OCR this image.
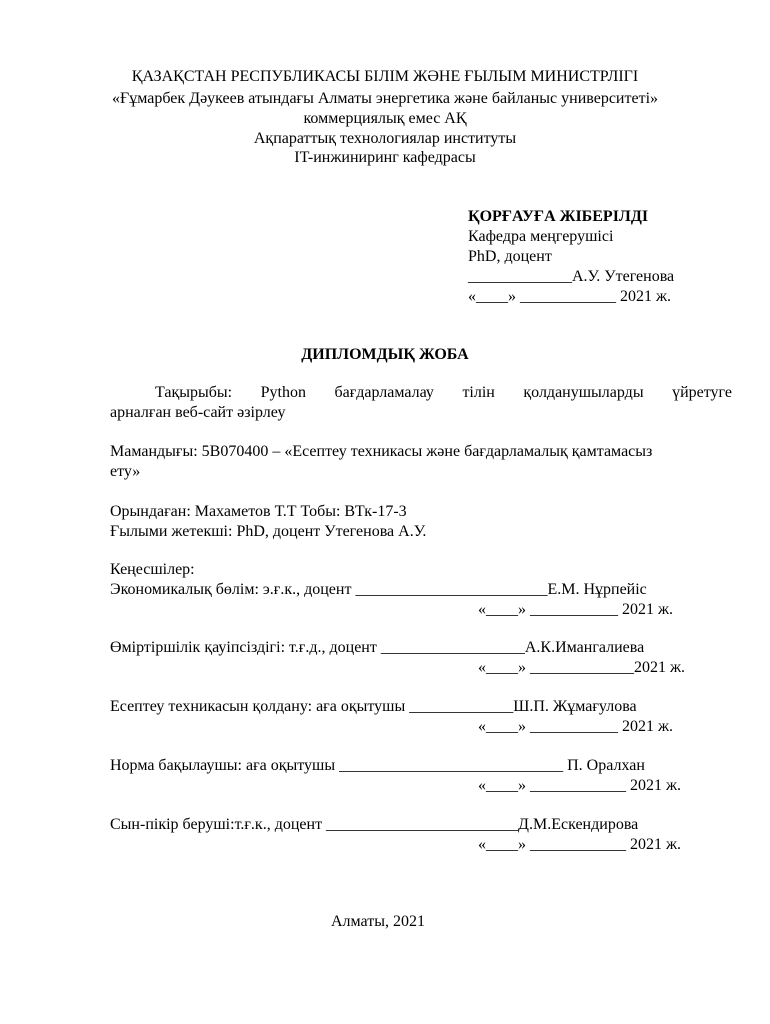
ҚАЗАҚСТАН РЕСПУБЛИКАСЫ БІЛІМ ЖӘНЕ ҒЫЛЫМ МИНИСТРЛІГІ
«Ғұмарбек Дәукеев атындағы Алматы энергетика және байланыс университеті»
коммерциялық емес АҚ
Ақпараттық технологиялар институты
IT-инжиниринг кафедрасы
ҚОРҒАУҒА ЖІБЕРІЛДІ
Кафедра меңгерушісі
PhD, доцент
_____________А.У. Утегенова
«____» ____________ 2021 ж.
ДИПЛОМДЫҚ ЖОБА
Тақырыбы: Python бағдарламалау тілін қолданушыларды үйретуге
арналған веб-сайт әзірлеу
Мамандығы: 5В070400 – «Есептеу техникасы және бағдарламалық қамтамасыз
ету»
Орындаған: Махаметов Т.Т Тобы: ВТк-17-3
Ғылыми жетекші: PhD, доцент Утегенова А.У.
Кеңесшілер:
Экономикалық бөлім: э.ғ.к., доцент ________________________Е.М. Нұрпейіс
«____» ___________ 2021 ж.
Өміртіршілік қауіпсіздігі: т.ғ.д., доцент __________________А.К.Имангалиева
«____» _____________2021 ж.
Есептеу техникасын қолдану: аға оқытушы _____________Ш.П. Жұмағулова
«____» ___________ 2021 ж.
Норма бақылаушы: аға оқытушы ____________________________ П. Оралхан
«____» ____________ 2021 ж.
Сын-пікір беруші:т.ғ.к., доцент ________________________Д.М.Ескендирова
«____» ____________ 2021 ж.
Алматы, 2021
